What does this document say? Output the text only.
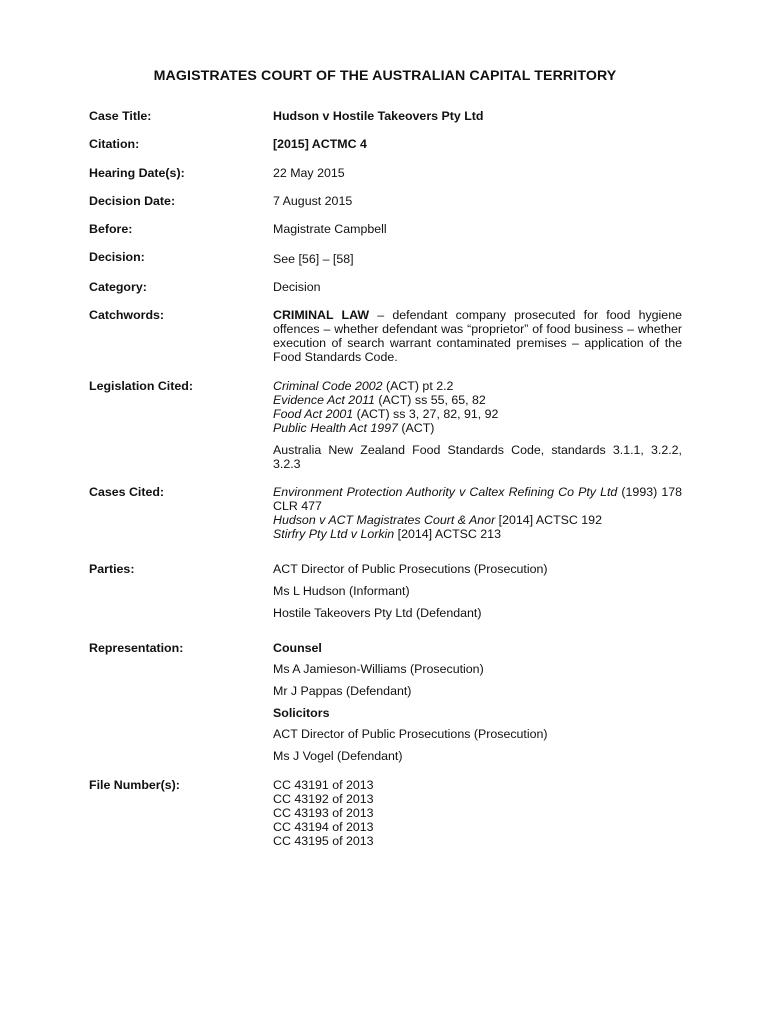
MAGISTRATES COURT OF THE AUSTRALIAN CAPITAL TERRITORY
Case Title:	Hudson v Hostile Takeovers Pty Ltd
Citation:	[2015] ACTMC 4
Hearing Date(s):	22 May 2015
Decision Date:	7 August 2015
Before:	Magistrate Campbell
Decision:	See [56] – [58]
Category:	Decision
Catchwords:	CRIMINAL LAW – defendant company prosecuted for food hygiene offences – whether defendant was “proprietor” of food business – whether execution of search warrant contaminated premises – application of the Food Standards Code.
Legislation Cited:	Criminal Code 2002 (ACT) pt 2.2
Evidence Act 2011 (ACT) ss 55, 65, 82
Food Act 2001 (ACT) ss 3, 27, 82, 91, 92
Public Health Act 1997 (ACT)
Australia New Zealand Food Standards Code, standards 3.1.1, 3.2.2, 3.2.3
Cases Cited:	Environment Protection Authority v Caltex Refining Co Pty Ltd (1993) 178 CLR 477
Hudson v ACT Magistrates Court & Anor [2014] ACTSC 192
Stirfry Pty Ltd v Lorkin [2014] ACTSC 213
Parties:	ACT Director of Public Prosecutions (Prosecution)
Ms L Hudson (Informant)
Hostile Takeovers Pty Ltd (Defendant)
Representation:	Counsel
Ms A Jamieson-Williams (Prosecution)
Mr J Pappas (Defendant)
Solicitors
ACT Director of Public Prosecutions (Prosecution)
Ms J Vogel (Defendant)
File Number(s):	CC 43191 of 2013
CC 43192 of 2013
CC 43193 of 2013
CC 43194 of 2013
CC 43195 of 2013
